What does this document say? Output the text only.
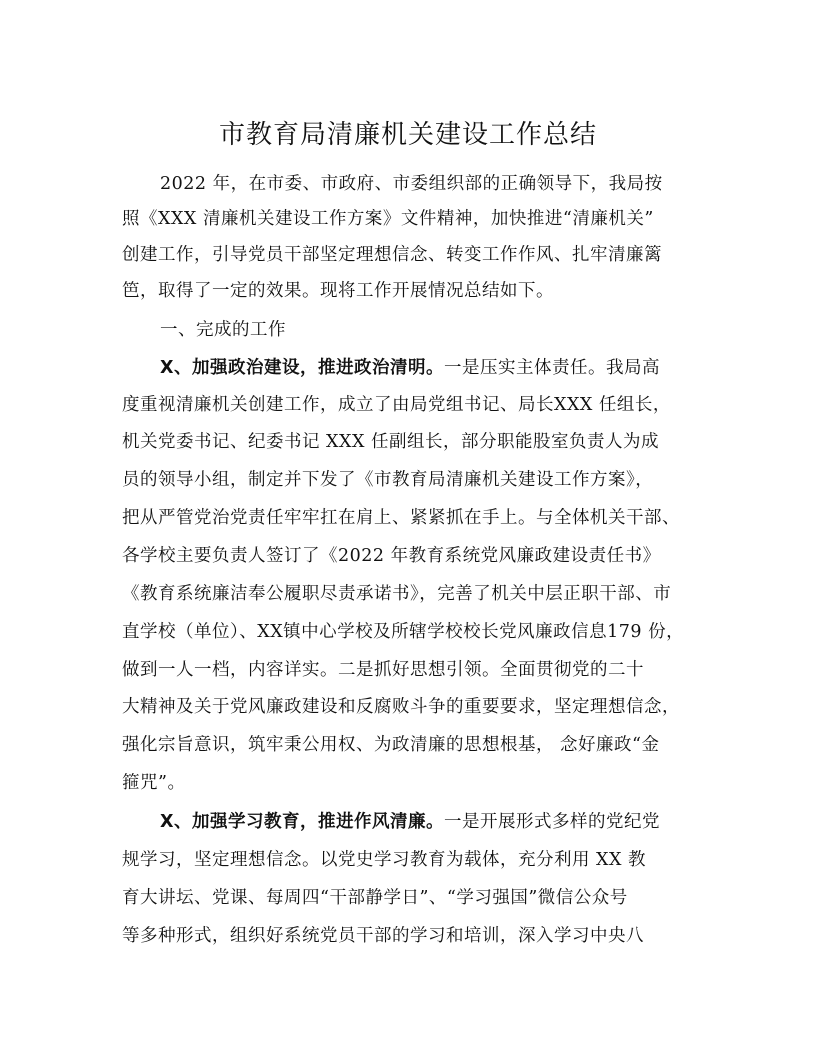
市教育局清廉机关建设工作总结
2022 年，在市委、市政府、市委组织部的正确领导下，我局按
照《XXX 清廉机关建设工作方案》文件精神，加快推进“清廉机关”
创建工作，引导党员干部坚定理想信念、转变工作作风、扎牢清廉篱
笆，取得了一定的效果。现将工作开展情况总结如下。
一、完成的工作
X、加强政治建设，推进政治清明。一是压实主体责任。我局高
度重视清廉机关创建工作，成立了由局党组书记、局长XXX 任组长，
机关党委书记、纪委书记 XXX 任副组长，部分职能股室负责人为成
员的领导小组，制定并下发了《市教育局清廉机关建设工作方案》，
把从严管党治党责任牢牢扛在肩上、紧紧抓在手上。与全体机关干部、
各学校主要负责人签订了《2022 年教育系统党风廉政建设责任书》
《教育系统廉洁奉公履职尽责承诺书》，完善了机关中层正职干部、市
直学校（单位）、XX镇中心学校及所辖学校校长党风廉政信息179 份，
做到一人一档，内容详实。二是抓好思想引领。全面贯彻党的二十
大精神及关于党风廉政建设和反腐败斗争的重要要求，坚定理想信念，
强化宗旨意识，筑牢秉公用权、为政清廉的思想根基， 念好廉政“金
箍咒”。
X、加强学习教育，推进作风清廉。一是开展形式多样的党纪党
规学习，坚定理想信念。以党史学习教育为载体，充分利用 XX 教
育大讲坛、党课、每周四“干部静学日”、“学习强国”微信公众号
等多种形式，组织好系统党员干部的学习和培训，深入学习中央八
